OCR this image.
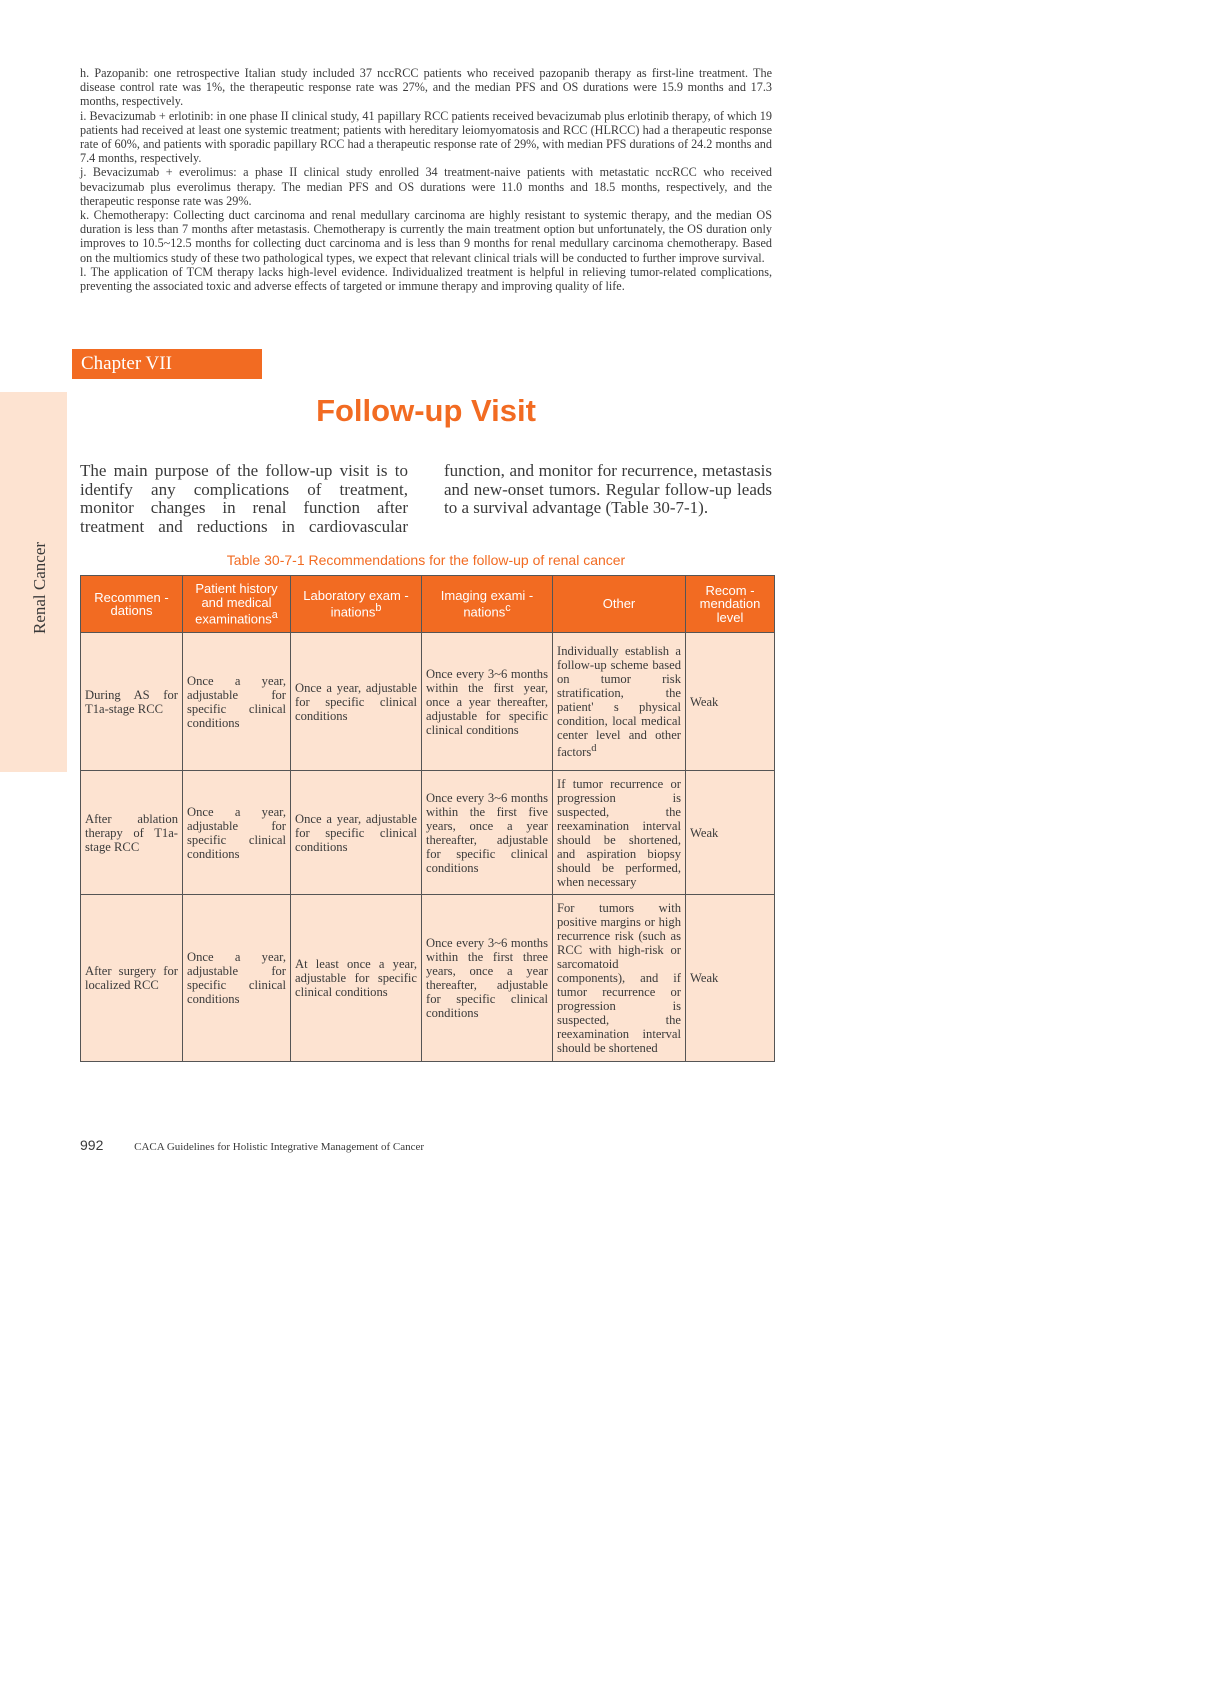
h. Pazopanib: one retrospective Italian study included 37 nccRCC patients who received pazopanib therapy as first-line treatment. The disease control rate was 1%, the therapeutic response rate was 27%, and the median PFS and OS durations were 15.9 months and 17.3 months, respectively.

i. Bevacizumab + erlotinib: in one phase II clinical study, 41 papillary RCC patients received bevacizumab plus erlotinib therapy, of which 19 patients had received at least one systemic treatment; patients with hereditary leiomyomatosis and RCC (HLRCC) had a therapeutic response rate of 60%, and patients with sporadic papillary RCC had a therapeutic response rate of 29%, with median PFS durations of 24.2 months and 7.4 months, respectively.

j. Bevacizumab + everolimus: a phase II clinical study enrolled 34 treatment-naive patients with metastatic nccRCC who received bevacizumab plus everolimus therapy. The median PFS and OS durations were 11.0 months and 18.5 months, respectively, and the therapeutic response rate was 29%.

k. Chemotherapy: Collecting duct carcinoma and renal medullary carcinoma are highly resistant to systemic therapy, and the median OS duration is less than 7 months after metastasis. Chemotherapy is currently the main treatment option but unfortunately, the OS duration only improves to 10.5~12.5 months for collecting duct carcinoma and is less than 9 months for renal medullary carcinoma chemotherapy. Based on the multiomics study of these two pathological types, we expect that relevant clinical trials will be conducted to further improve survival.

l. The application of TCM therapy lacks high-level evidence. Individualized treatment is helpful in relieving tumor-related complications, preventing the associated toxic and adverse effects of targeted or immune therapy and improving quality of life.

Chapter VII
Renal Cancer
Follow-up Visit

The main purpose of the follow-up visit is to identify any complications of treatment, monitor changes in renal function after treatment and reductions in cardiovascular function, and monitor for recurrence, metastasis and new-onset tumors. Regular follow-up leads to a survival advantage (Table 30-7-1).

Table 30-7-1 Recommendations for the follow-up of renal cancer
Recommen -dations	Patient history and medical examinations$^a$	Laboratory exam - inations$^b$	Imaging exami - nations$^c$	Other	Recom - mendation level
During AS for T1a-stage RCC	Once a year, adjustable for specific clinical conditions	Once a year, adjustable for specific clinical conditions	Once every 3~6 months within the first year, once a year thereafter, adjustable for specific clinical conditions	Individually establish a follow-up scheme based on tumor risk stratification, the patient' s physical condition, local medical center level and other factors$^d$	Weak
After ablation therapy of T1a-stage RCC	Once a year, adjustable for specific clinical conditions	Once a year, adjustable for specific clinical conditions	Once every 3~6 months within the first five years, once a year thereafter, adjustable for specific clinical conditions	If tumor recurrence or progression is suspected, the reexamination interval should be shortened, and aspiration biopsy should be performed, when necessary	Weak
After surgery for localized RCC	Once a year, adjustable for specific clinical conditions	At least once a year, adjustable for specific clinical conditions	Once every 3~6 months within the first three years, once a year thereafter, adjustable for specific clinical conditions	For tumors with positive margins or high recurrence risk (such as RCC with high-risk or sarcomatoid components), and if tumor recurrence or progression is suspected, the reexamination interval should be shortened	Weak
992	CACA Guidelines for Holistic Integrative Management of Cancer
